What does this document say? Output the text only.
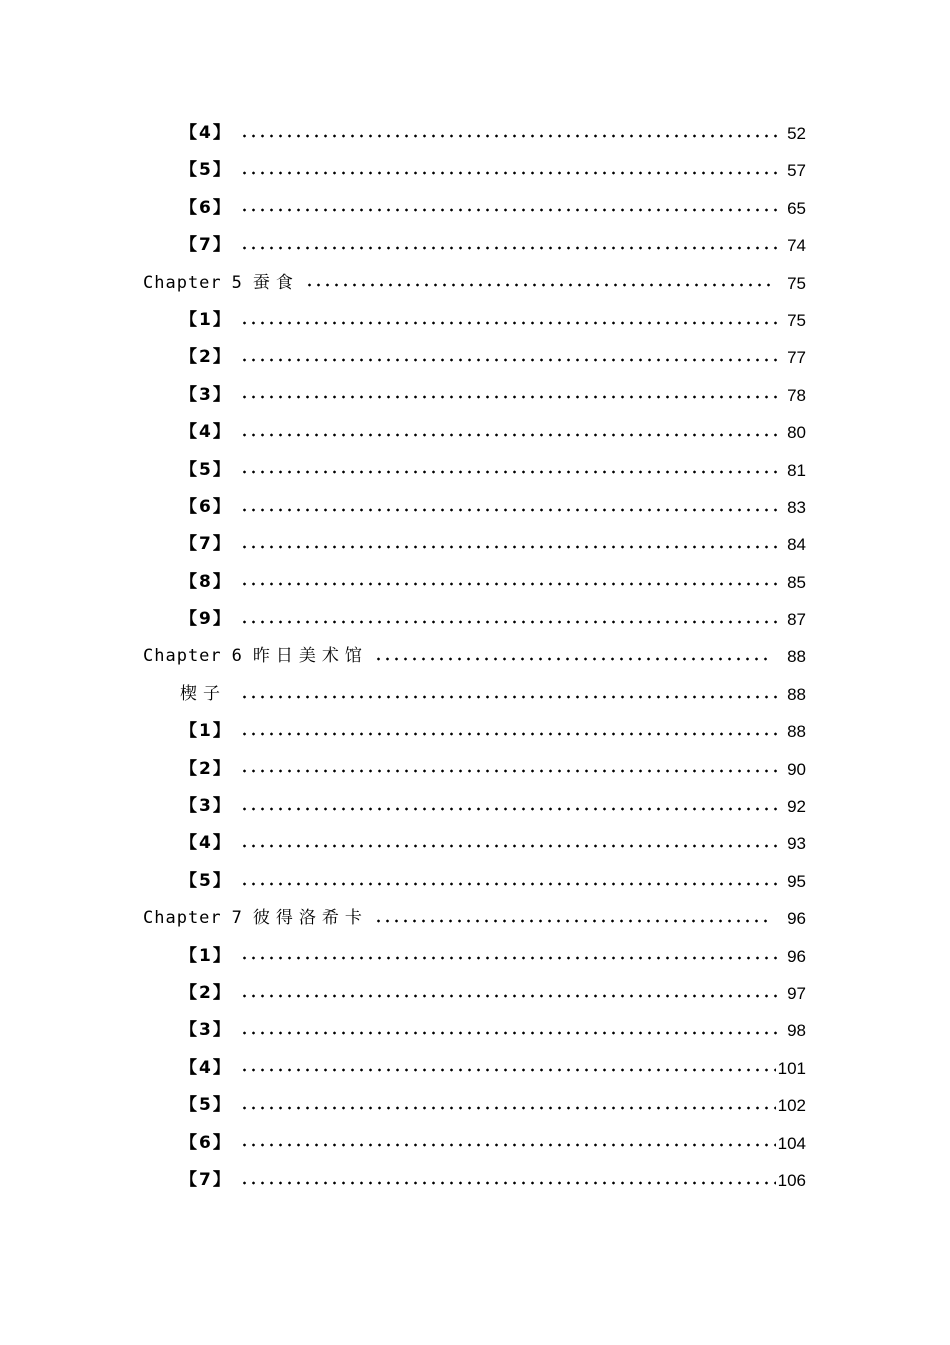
【4】	52
【5】	57
【6】	65
【7】	74
Chapter 5 蚕食	75
【1】	75
【2】	77
【3】	78
【4】	80
【5】	81
【6】	83
【7】	84
【8】	85
【9】	87
Chapter 6 昨日美术馆	88
楔子	88
【1】	88
【2】	90
【3】	92
【4】	93
【5】	95
Chapter 7 彼得洛希卡	96
【1】	96
【2】	97
【3】	98
【4】	101
【5】	102
【6】	104
【7】	106
